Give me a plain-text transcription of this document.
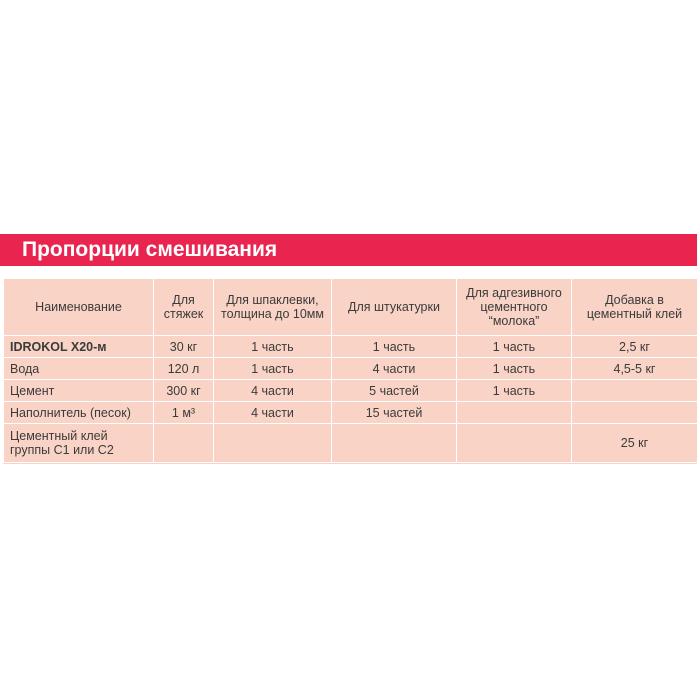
Пропорции смешивания
Наименование	Для стяжек	Для шпаклевки, толщина до 10мм	Для штукатурки	Для адгезивного цементного “молока”	Добавка в цементный клей
IDROKOL X20-м	30 кг	1 часть	1 часть	1 часть	2,5 кг
Вода	120 л	1 часть	4 части	1 часть	4,5-5 кг
Цемент	300 кг	4 части	5 частей	1 часть	
Наполнитель (песок)	1 м³	4 части	15 частей		
Цементный клей группы С1 или С2					25 кг
